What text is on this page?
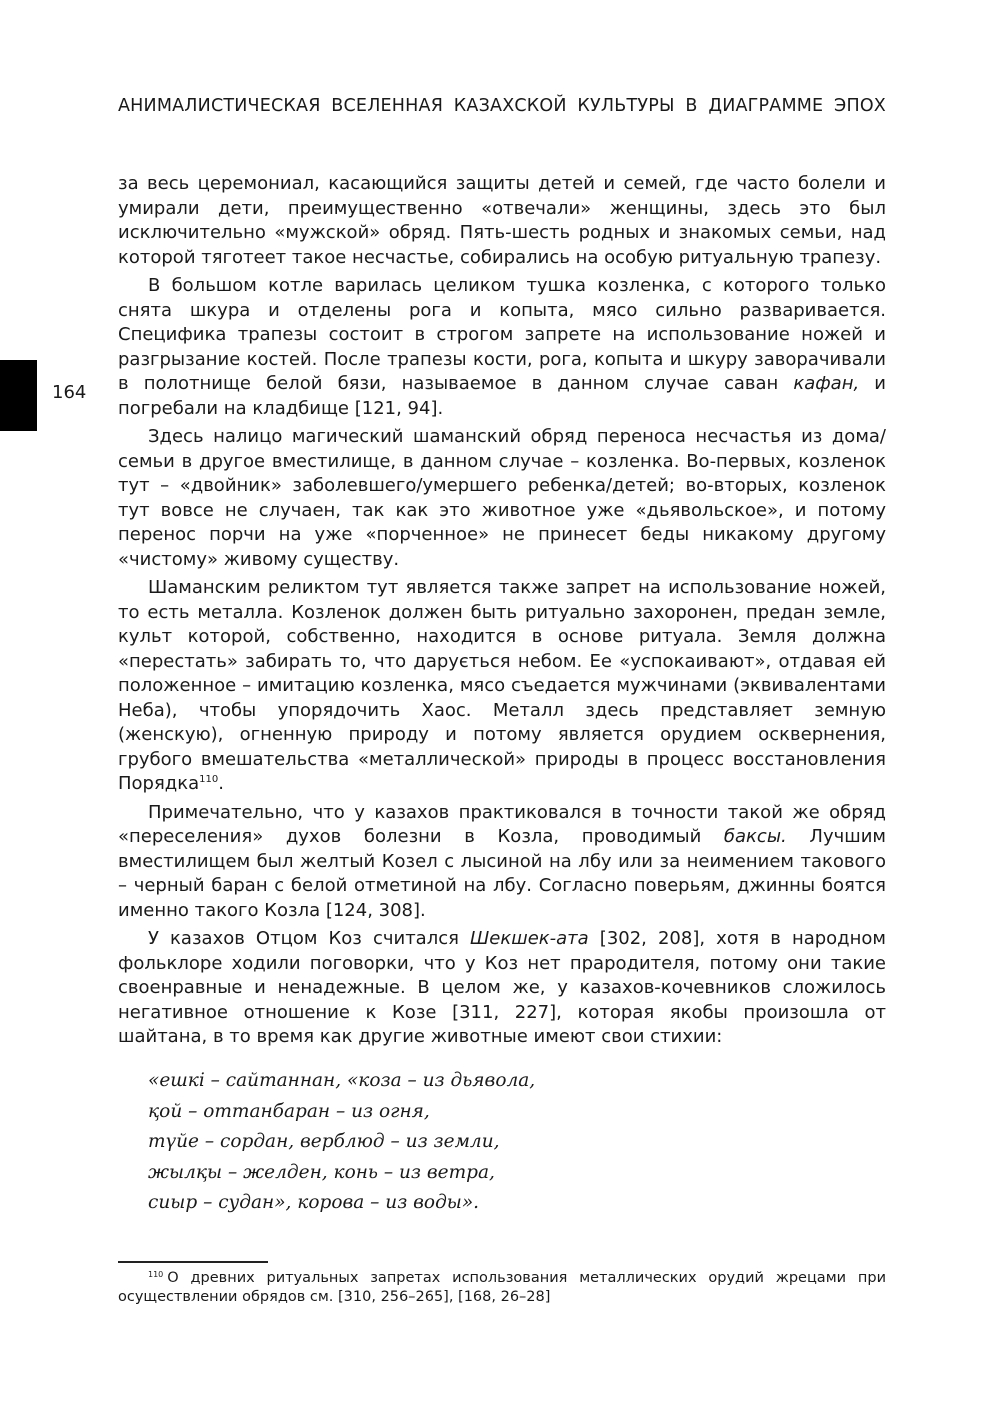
АНИМАЛИСТИЧЕСКАЯ ВСЕЛЕННАЯ КАЗАХСКОЙ КУЛЬТУРЫ В ДИАГРАММЕ ЭПОХ
164

за весь церемониал, касающийся защиты детей и семей, где часто болели и умирали дети, преимущественно «отвечали» женщины, здесь это был исключительно «мужской» обряд. Пять-шесть родных и знакомых семьи, над которой тяготеет такое несчастье, собирались на особую ритуальную трапезу.

В большом котле варилась целиком тушка козленка, с которого только снята шкура и отделены рога и копыта, мясо сильно разваривается. Специфика трапезы состоит в строгом запрете на использование ножей и разгрызание костей. После трапезы кости, рога, копыта и шкуру заворачивали в полотнище белой бязи, называемое в данном случае саван кафан, и погребали на кладбище [121, 94].

Здесь налицо магический шаманский обряд переноса несчастья из дома/семьи в другое вместилище, в данном случае – козленка. Во-первых, козленок тут – «двойник» заболевшего/умершего ребенка/детей; во-вторых, козленок тут вовсе не случаен, так как это животное уже «дьявольское», и потому перенос порчи на уже «порченное» не принесет беды никакому другому «чистому» живому существу.

Шаманским реликтом тут является также запрет на использование ножей, то есть металла. Козленок должен быть ритуально захоронен, предан земле, культ которой, собственно, находится в основе ритуала. Земля должна «перестать» забирать то, что дарується небом. Ее «успокаивают», отдавая ей положенное – имитацию козленка, мясо съедается мужчинами (эквивалентами Неба), чтобы упорядочить Хаос. Металл здесь представляет земную (женскую), огненную природу и потому является орудием осквернения, грубого вмешательства «металлической» природы в процесс восстановления Порядка$^{110}$.

Примечательно, что у казахов практиковался в точности такой же обряд «переселения» духов болезни в Козла, проводимый баксы. Лучшим вместилищем был желтый Козел с лысиной на лбу или за неимением такового – черный баран с белой отметиной на лбу. Согласно поверьям, джинны боятся именно такого Козла [124, 308].

У казахов Отцом Коз считался Шекшек-ата [302, 208], хотя в народном фольклоре ходили поговорки, что у Коз нет прародителя, потому они такие своенравные и ненадежные. В целом же, у казахов-кочевников сложилось негативное отношение к Козе [311, 227], которая якобы произошла от шайтана, в то время как другие животные имеют свои стихии:

«ешкі – сайтаннан, «коза – из дьявола,
қой – оттанбаран – из огня,
түйе – сордан, верблюд – из земли,
жылқы – желден, конь – из ветра,
сиыр – судан», корова – из воды».
$^{110}$ О древних ритуальных запретах использования металлических орудий жрецами при осуществлении обрядов см. [310, 256–265], [168, 26–28]
